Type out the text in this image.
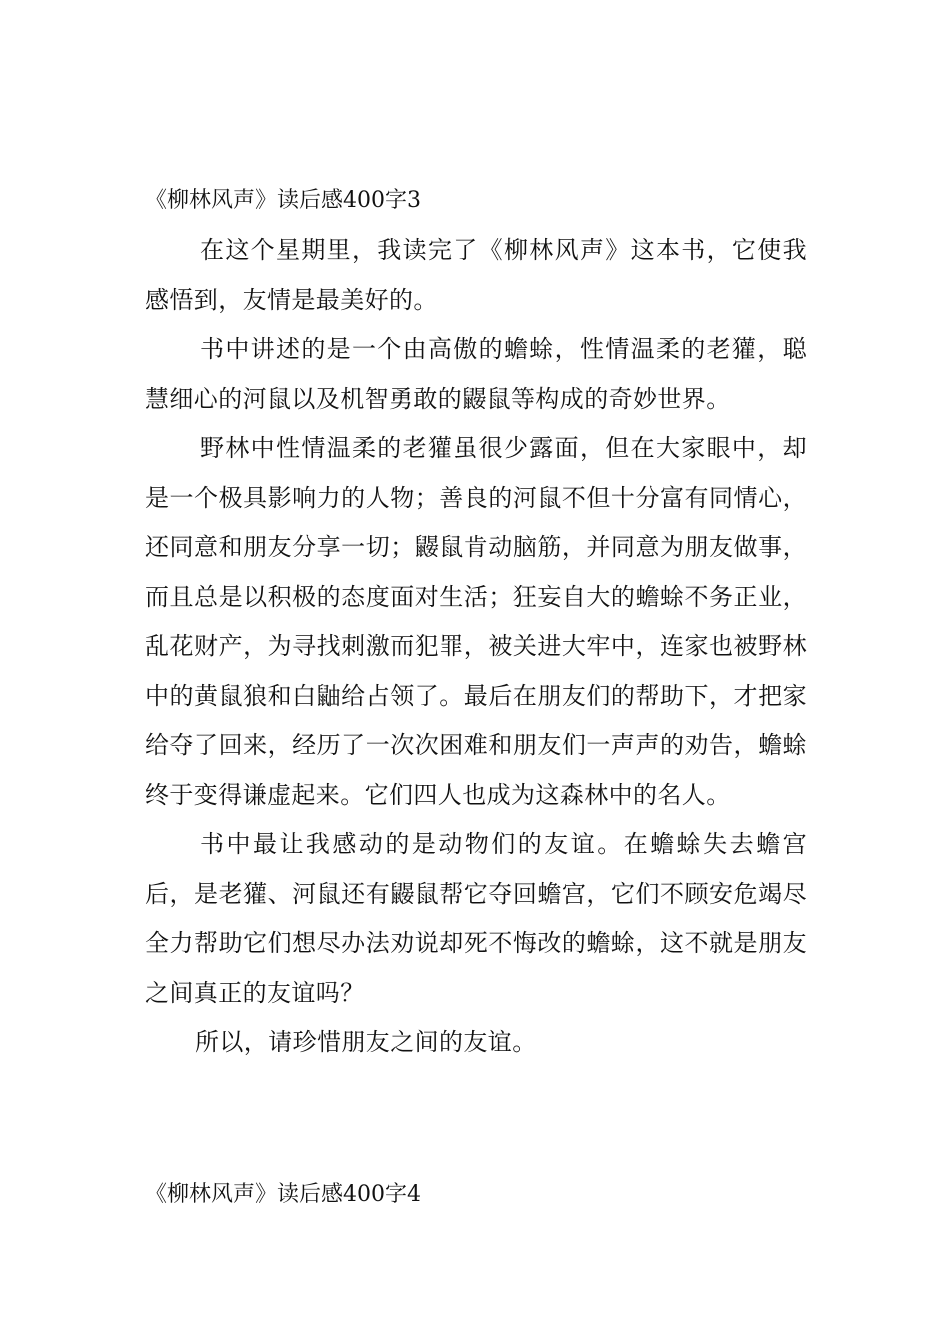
《柳林风声》读后感400字3

在这个星期里，我读完了《柳林风声》这本书，它使我感悟到，友情是最美好的。

书中讲述的是一个由高傲的蟾蜍，性情温柔的老獾，聪慧细心的河鼠以及机智勇敢的鼹鼠等构成的奇妙世界。

野林中性情温柔的老獾虽很少露面，但在大家眼中，却是一个极具影响力的人物；善良的河鼠不但十分富有同情心，还同意和朋友分享一切；鼹鼠肯动脑筋，并同意为朋友做事，而且总是以积极的态度面对生活；狂妄自大的蟾蜍不务正业，乱花财产，为寻找刺激而犯罪，被关进大牢中，连家也被野林中的黄鼠狼和白鼬给占领了。最后在朋友们的帮助下，才把家给夺了回来，经历了一次次困难和朋友们一声声的劝告，蟾蜍终于变得谦虚起来。它们四人也成为这森林中的名人。

书中最让我感动的是动物们的友谊。在蟾蜍失去蟾宫后，是老獾、河鼠还有鼹鼠帮它夺回蟾宫，它们不顾安危竭尽全力帮助它们想尽办法劝说却死不悔改的蟾蜍，这不就是朋友之间真正的友谊吗？

所以，请珍惜朋友之间的友谊。

《柳林风声》读后感400字4
